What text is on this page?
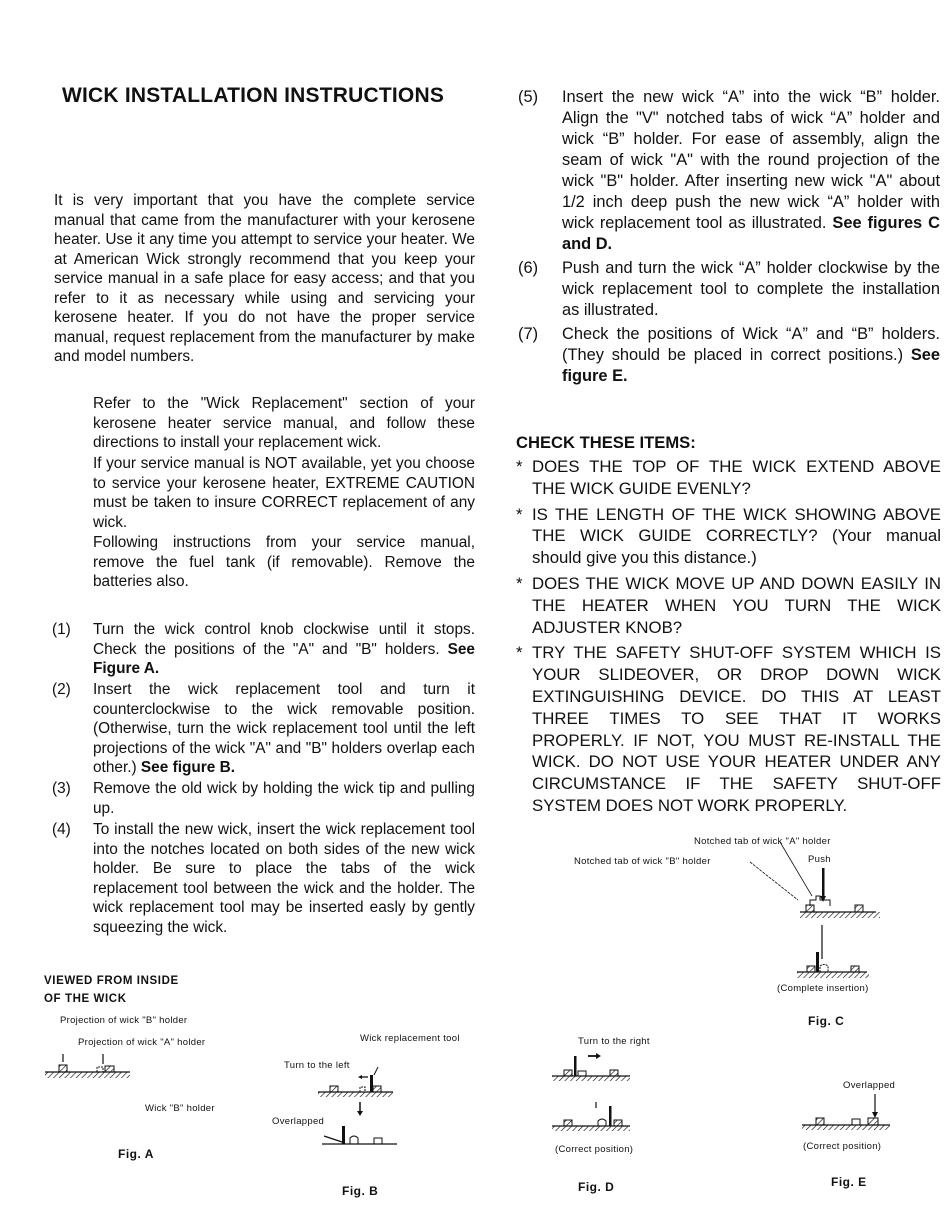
WICK INSTALLATION INSTRUCTIONS
It is very important that you have the complete service manual that came from the manufacturer with your kerosene heater. Use it any time you attempt to service your heater. We at American Wick strongly recommend that you keep your service manual in a safe place for easy access; and that you refer to it as necessary while using and servicing your kerosene heater. If you do not have the proper service manual, request replacement from the manufacturer by make and model numbers.
Refer to the "Wick Replacement" section of your kerosene heater service manual, and follow these directions to install your replacement wick.
If your service manual is NOT available, yet you choose to service your kerosene heater, EXTREME CAUTION must be taken to insure CORRECT replacement of any wick.
Following instructions from your service manual, remove the fuel tank (if removable). Remove the batteries also.
(1) Turn the wick control knob clockwise until it stops. Check the positions of the "A" and "B" holders. See Figure A.
(2) Insert the wick replacement tool and turn it counterclockwise to the wick removable position. (Otherwise, turn the wick replacement tool until the left projections of the wick "A" and "B" holders overlap each other.) See figure B.
(3) Remove the old wick by holding the wick tip and pulling up.
(4) To install the new wick, insert the wick replacement tool into the notches located on both sides of the new wick holder. Be sure to place the tabs of the wick replacement tool between the wick and the holder. The wick replacement tool may be inserted easly by gently squeezing the wick.
(5) Insert the new wick “A” into the wick “B” holder. Align the "V" notched tabs of wick “A” holder and wick “B” holder. For ease of assembly, align the seam of wick "A" with the round projection of the wick "B" holder. After inserting new wick "A" about 1/2 inch deep push the new wick “A” holder with wick replacement tool as illustrated. See figures C and D.
(6) Push and turn the wick “A” holder clockwise by the wick replacement tool to complete the installation as illustrated.
(7) Check the positions of Wick “A” and “B” holders. (They should be placed in correct positions.) See figure E.
CHECK THESE ITEMS:
* DOES THE TOP OF THE WICK EXTEND ABOVE THE WICK GUIDE EVENLY?
* IS THE LENGTH OF THE WICK SHOWING ABOVE THE WICK GUIDE CORRECTLY? (Your manual should give you this distance.)
* DOES THE WICK MOVE UP AND DOWN EASILY IN THE HEATER WHEN YOU TURN THE WICK ADJUSTER KNOB?
* TRY THE SAFETY SHUT-OFF SYSTEM WHICH IS YOUR SLIDEOVER, OR DROP DOWN WICK EXTINGUISHING DEVICE. DO THIS AT LEAST THREE TIMES TO SEE THAT IT WORKS PROPERLY. IF NOT, YOU MUST RE-INSTALL THE WICK. DO NOT USE YOUR HEATER UNDER ANY CIRCUMSTANCE IF THE SAFETY SHUT-OFF SYSTEM DOES NOT WORK PROPERLY.
VIEWED FROM INSIDE
OF THE WICK
Projection of wick "B" holder
Projection of wick "A" holder
Wick "B" holder
Fig. A
Wick replacement tool
Turn to the left
Overlapped
Fig. B
Notched tab of wick "A" holder
Notched tab of wick "B" holder	Push
(Complete insertion)
Fig. C
Turn to the right
(Correct position)
Fig. D
Overlapped
(Correct position)
Fig. E
